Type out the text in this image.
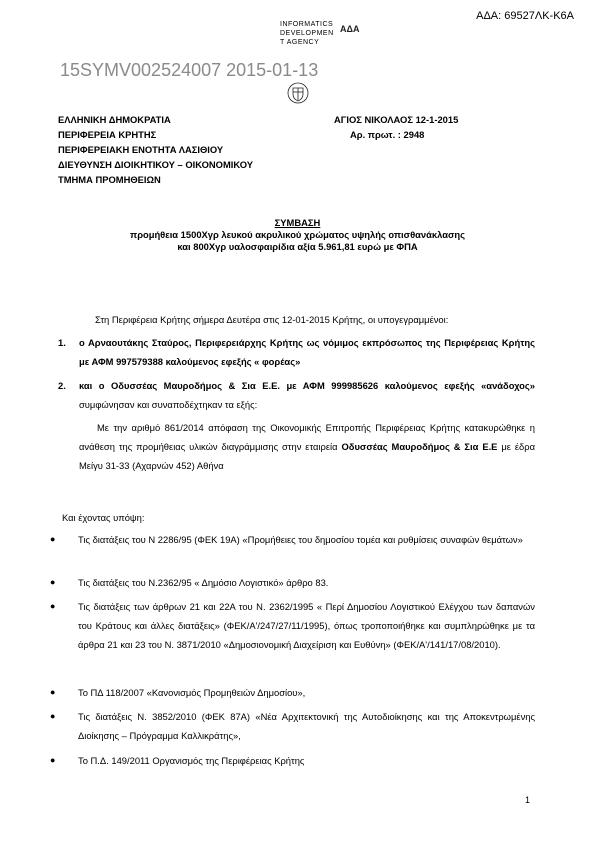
ΑΔΑ: 69527ΛΚ-Κ6Α
INFORMATICS
DEVELOPMEN
T AGENCY
ΑΔΑ
15SYMV002524007 2015-01-13
ΕΛΛΗΝΙΚΗ ΔΗΜΟΚΡΑΤΙΑ
ΠΕΡΙΦΕΡΕΙΑ ΚΡΗΤΗΣ
ΠΕΡΙΦΕΡΕΙΑΚΗ ΕΝΟΤΗΤΑ ΛΑΣΙΘΙΟΥ
ΔΙΕΥΘΥΝΣΗ ΔΙΟΙΚΗΤΙΚΟΥ – ΟΙΚΟΝΟΜΙΚΟΥ
ΤΜΗΜΑ ΠΡΟΜΗΘΕΙΩΝ
ΑΓΙΟΣ ΝΙΚΟΛΑΟΣ 12-1-2015
Αρ. πρωτ. : 2948
ΣΥΜΒΑΣΗ
προμήθεια 1500Χγρ λευκού ακρυλικού χρώματος υψηλής οπισθανάκλασης
και 800Χγρ υαλοσφαιρίδια αξία 5.961,81 ευρώ με ΦΠΑ
Στη Περιφέρεια Κρήτης σήμερα Δευτέρα στις 12-01-2015 Κρήτης, οι υπογεγραμμένοι:
1.	ο Αρναουτάκης Σταύρος, Περιφερειάρχης Κρήτης ως νόμιμος εκπρόσωπος της Περιφέρειας Κρήτης με ΑΦΜ 997579388 καλούμενος εφεξής « φορέας»
2.	και ο Οδυσσέας Μαυροδήμος & Σια Ε.Ε. με ΑΦΜ 999985626 καλούμενος εφεξής «ανάδοχος» συμφώνησαν και συναποδέχτηκαν τα εξής:
Με την αριθμό 861/2014 απόφαση της Οικονομικής Επιτροπής Περιφέρειας Κρήτης κατακυρώθηκε η ανάθεση της προμήθειας υλικών διαγράμμισης στην εταιρεία Οδυσσέας Μαυροδήμος & Σια Ε.Ε με έδρα Μείγυ 31-33 (Αχαρνών 452) Αθήνα
Και έχοντας υπόψη:
● Τις διατάξεις του Ν 2286/95 (ΦΕΚ 19Α) «Προμήθειες του δημοσίου τομέα και ρυθμίσεις συναφών θεμάτων»
● Τις διατάξεις του Ν.2362/95 « Δημόσιο Λογιστικό» άρθρο 83.
● Τις διατάξεις των άρθρων 21 και 22Α του Ν. 2362/1995 « Περί Δημοσίου Λογιστικού Ελέγχου των δαπανών του Κράτους και άλλες διατάξεις» (ΦΕΚ/Α'/247/27/11/1995), όπως τροποποιήθηκε και συμπληρώθηκε με τα άρθρα 21 και 23 του Ν. 3871/2010 «Δημοσιονομική Διαχείριση και Ευθύνη» (ΦΕΚ/Α'/141/17/08/2010).
● Το ΠΔ 118/2007 «Κανονισμός Προμηθειών Δημοσίου»,
● Τις διατάξεις Ν. 3852/2010 (ΦΕΚ 87Α) «Νέα Αρχιτεκτονική της Αυτοδιοίκησης και της Αποκεντρωμένης Διοίκησης – Πρόγραμμα Καλλικράτης»,
● Το Π.Δ. 149/2011 Οργανισμός της Περιφέρειας Κρήτης
1
